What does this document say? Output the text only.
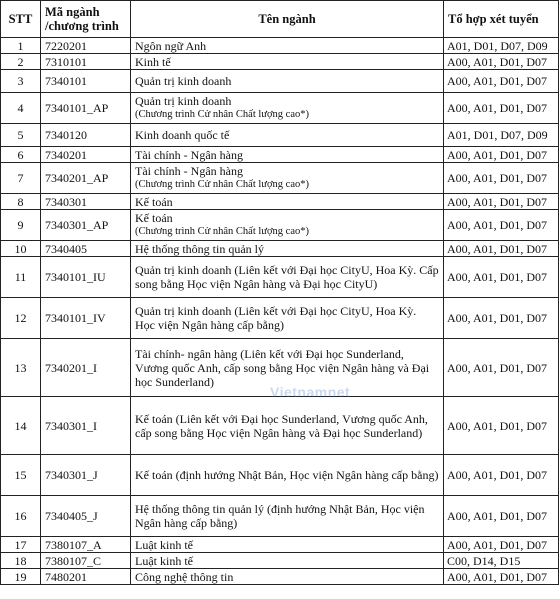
STT	Mã ngành
/chương trình	Tên ngành	Tổ hợp xét tuyển
1	7220201	Ngôn ngữ Anh	A01, D01, D07, D09
2	7310101	Kinh tế	A00, A01, D01, D07
3	7340101	Quản trị kinh doanh	A00, A01, D01, D07
4	7340101_AP	Quản trị kinh doanh
(Chương trình Cử nhân Chất lượng cao*)	A00, A01, D01, D07
5	7340120	Kinh doanh quốc tế	A01, D01, D07, D09
6	7340201	Tài chính - Ngân hàng	A00, A01, D01, D07
7	7340201_AP	Tài chính - Ngân hàng
(Chương trình Cử nhân Chất lượng cao*)	A00, A01, D01, D07
8	7340301	Kế toán	A00, A01, D01, D07
9	7340301_AP	Kế toán
(Chương trình Cử nhân Chất lượng cao*)	A00, A01, D01, D07
10	7340405	Hệ thống thông tin quản lý	A00, A01, D01, D07
11	7340101_IU	Quản trị kinh doanh (Liên kết với Đại học CityU, Hoa Kỳ. Cấp song bằng Học viện Ngân hàng và Đại học CityU)	A00, A01, D01, D07
12	7340101_IV	Quản trị kinh doanh (Liên kết với Đại học CityU, Hoa Kỳ. Học viện Ngân hàng cấp bằng)	A00, A01, D01, D07
13	7340201_I	Tài chính- ngân hàng (Liên kết với Đại học Sunderland, Vương quốc Anh, cấp song bằng Học viện Ngân hàng và Đại học Sunderland)	A00, A01, D01, D07
14	7340301_I	Kế toán (Liên kết với Đại học Sunderland, Vương quốc Anh, cấp song bằng Học viện Ngân hàng và Đại học Sunderland)	A00, A01, D01, D07
15	7340301_J	Kế toán (định hướng Nhật Bản, Học viện Ngân hàng cấp bằng)	A00, A01, D01, D07
16	7340405_J	Hệ thống thông tin quản lý (định hướng Nhật Bản, Học viện Ngân hàng cấp bằng)	A00, A01, D01, D07
17	7380107_A	Luật kinh tế	A00, A01, D01, D07
18	7380107_C	Luật kinh tế	C00, D14, D15
19	7480201	Công nghệ thông tin	A00, A01, D01, D07
Vietnamnet
